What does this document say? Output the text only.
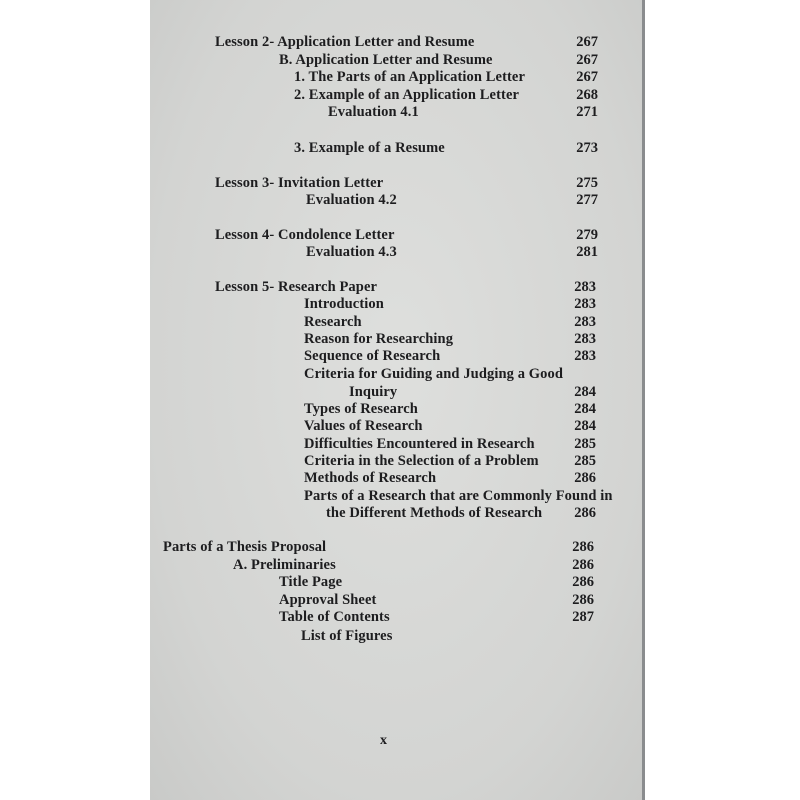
Lesson 2- Application Letter and Resume	267
B. Application Letter and Resume	267
1. The Parts of an Application Letter	267
2. Example of an Application Letter	268
Evaluation 4.1	271
3. Example of a Resume	273
Lesson 3- Invitation Letter	275
Evaluation 4.2	277
Lesson 4- Condolence Letter	279
Evaluation 4.3	281
Lesson 5- Research Paper	283
Introduction	283
Research	283
Reason for Researching	283
Sequence of Research	283
Criteria for Guiding and Judging a Good
Inquiry	284
Types of Research	284
Values of Research	284
Difficulties Encountered in Research	285
Criteria in the Selection of a Problem	285
Methods of Research	286
Parts of a Research that are Commonly Found in
the Different Methods of Research	286
Parts of a Thesis Proposal	286
A. Preliminaries	286
Title Page	286
Approval Sheet	286
Table of Contents	287
List of Figures
x
